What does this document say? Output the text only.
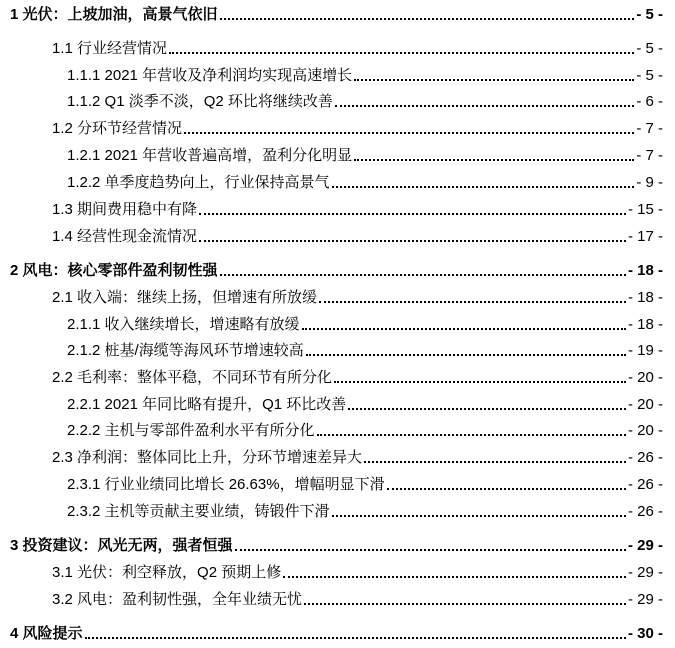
1 光伏：上坡加油，高景气依旧	- 5 -
1.1 行业经营情况	- 5 -
1.1.1 2021 年营收及净利润均实现高速增长	- 5 -
1.1.2 Q1 淡季不淡，Q2 环比将继续改善	- 6 -
1.2 分环节经营情况	- 7 -
1.2.1 2021 年营收普遍高增，盈利分化明显	- 7 -
1.2.2 单季度趋势向上，行业保持高景气	- 9 -
1.3 期间费用稳中有降	- 15 -
1.4 经营性现金流情况	- 17 -
2 风电：核心零部件盈利韧性强	- 18 -
2.1 收入端：继续上扬，但增速有所放缓	- 18 -
2.1.1 收入继续增长，增速略有放缓	- 18 -
2.1.2 桩基/海缆等海风环节增速较高	- 19 -
2.2 毛利率：整体平稳，不同环节有所分化	- 20 -
2.2.1 2021 年同比略有提升，Q1 环比改善	- 20 -
2.2.2 主机与零部件盈利水平有所分化	- 20 -
2.3 净利润：整体同比上升，分环节增速差异大	- 26 -
2.3.1 行业业绩同比增长 26.63%，增幅明显下滑	- 26 -
2.3.2 主机等贡献主要业绩，铸锻件下滑	- 26 -
3 投资建议：风光无两，强者恒强	- 29 -
3.1 光伏：利空释放，Q2 预期上修	- 29 -
3.2 风电：盈利韧性强，全年业绩无忧	- 29 -
4 风险提示	- 30 -
